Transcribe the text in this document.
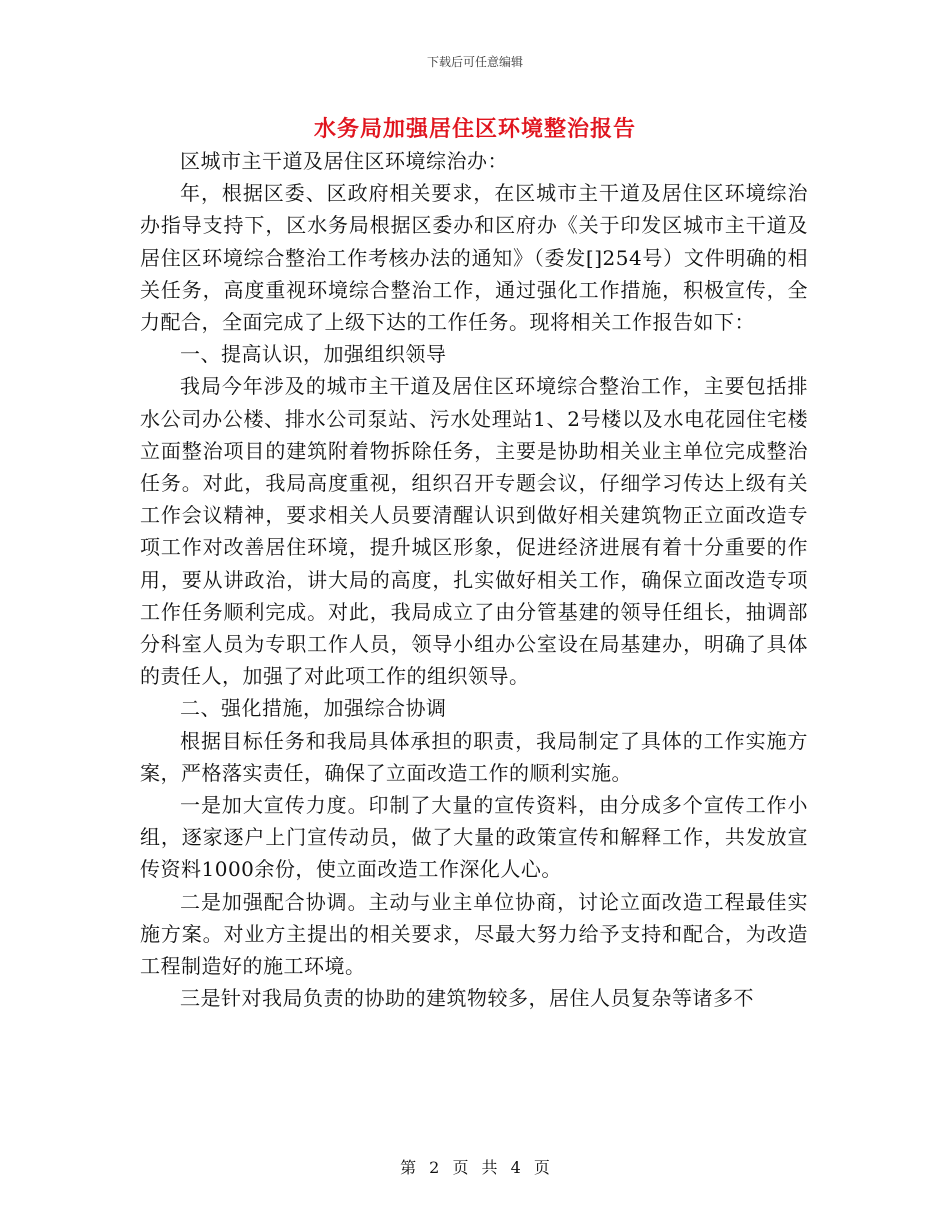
下载后可任意编辑
水务局加强居住区环境整治报告

区城市主干道及居住区环境综治办：

年，根据区委、区政府相关要求，在区城市主干道及居住区环境综治办指导支持下，区水务局根据区委办和区府办《关于印发区城市主干道及居住区环境综合整治工作考核办法的通知》（委发[]254号）文件明确的相关任务，高度重视环境综合整治工作，通过强化工作措施，积极宣传，全力配合，全面完成了上级下达的工作任务。现将相关工作报告如下：

一、提高认识，加强组织领导

我局今年涉及的城市主干道及居住区环境综合整治工作，主要包括排水公司办公楼、排水公司泵站、污水处理站1、2号楼以及水电花园住宅楼立面整治项目的建筑附着物拆除任务，主要是协助相关业主单位完成整治任务。对此，我局高度重视，组织召开专题会议，仔细学习传达上级有关工作会议精神，要求相关人员要清醒认识到做好相关建筑物正立面改造专项工作对改善居住环境，提升城区形象，促进经济进展有着十分重要的作用，要从讲政治，讲大局的高度，扎实做好相关工作，确保立面改造专项工作任务顺利完成。对此，我局成立了由分管基建的领导任组长，抽调部分科室人员为专职工作人员，领导小组办公室设在局基建办，明确了具体的责任人，加强了对此项工作的组织领导。

二、强化措施，加强综合协调

根据目标任务和我局具体承担的职责，我局制定了具体的工作实施方案，严格落实责任，确保了立面改造工作的顺利实施。

一是加大宣传力度。印制了大量的宣传资料，由分成多个宣传工作小组，逐家逐户上门宣传动员，做了大量的政策宣传和解释工作，共发放宣传资料1000余份，使立面改造工作深化人心。

二是加强配合协调。主动与业主单位协商，讨论立面改造工程最佳实施方案。对业方主提出的相关要求，尽最大努力给予支持和配合，为改造工程制造好的施工环境。

三是针对我局负责的协助的建筑物较多，居住人员复杂等诸多不

第 2 页 共 4 页
